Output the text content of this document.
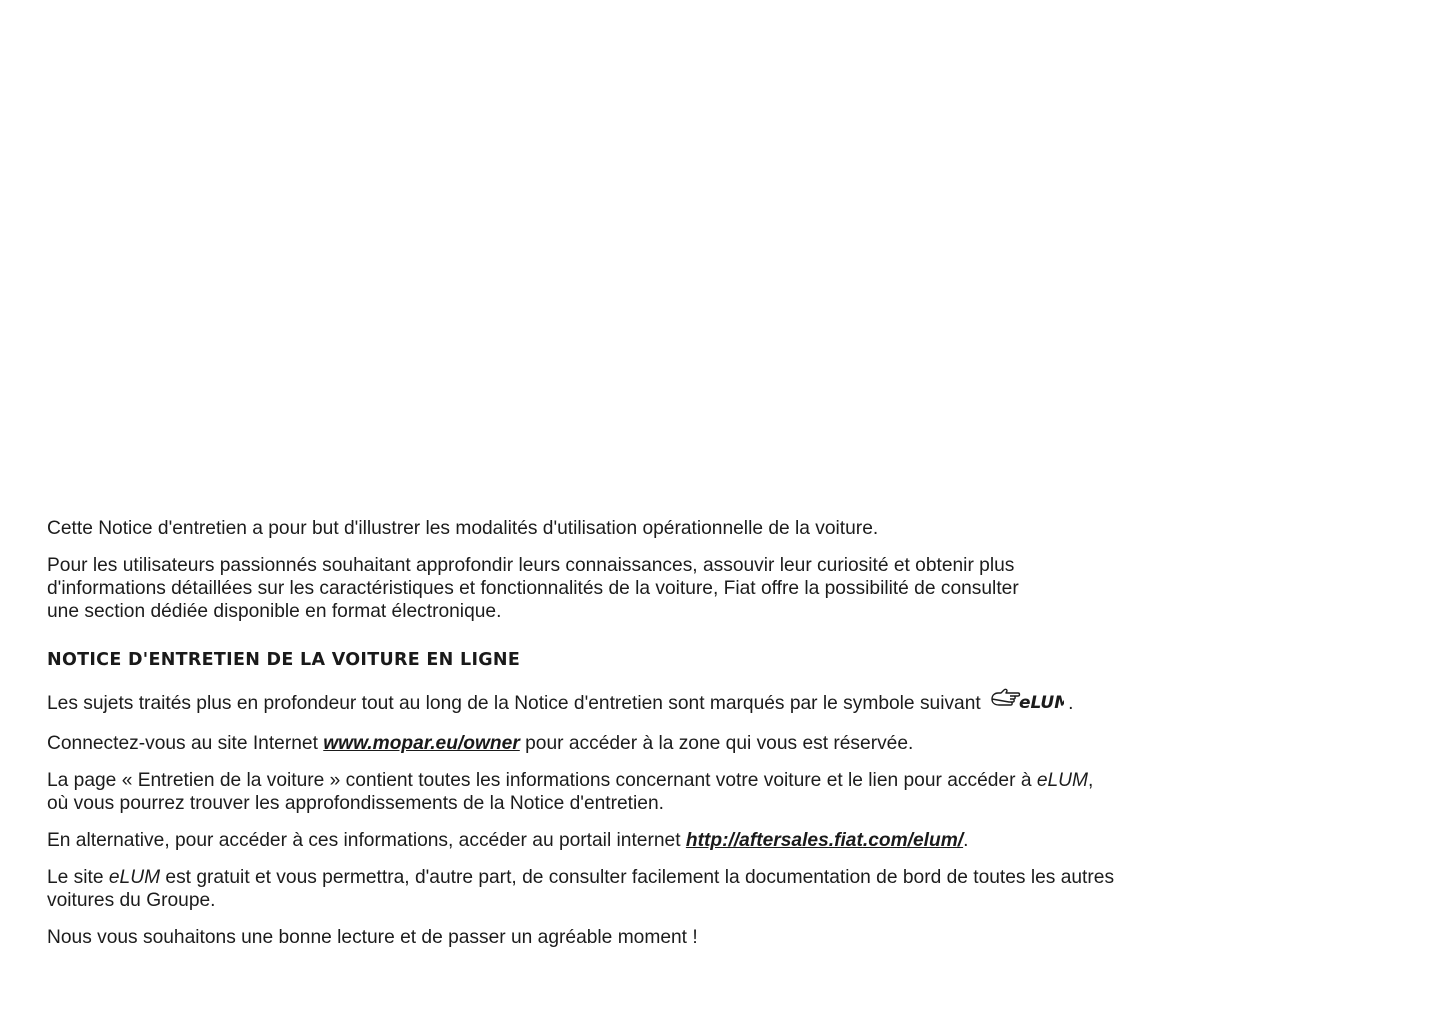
Cette Notice d'entretien a pour but d'illustrer les modalités d'utilisation opérationnelle de la voiture.

Pour les utilisateurs passionnés souhaitant approfondir leurs connaissances, assouvir leur curiosité et obtenir plus
d'informations détaillées sur les caractéristiques et fonctionnalités de la voiture, Fiat offre la possibilité de consulter
une section dédiée disponible en format électronique.

NOTICE D'ENTRETIEN DE LA VOITURE EN LIGNE

Les sujets traités plus en profondeur tout au long de la Notice d'entretien sont marqués par le symbole suivant eLU .

Connectez-vous au site Internet www.mopar.eu/owner pour accéder à la zone qui vous est réservée.

La page « Entretien de la voiture » contient toutes les informations concernant votre voiture et le lien pour accéder à eLUM,
où vous pourrez trouver les approfondissements de la Notice d'entretien.

En alternative, pour accéder à ces informations, accéder au portail internet http://aftersales.fiat.com/elum/.

Le site eLUM est gratuit et vous permettra, d'autre part, de consulter facilement la documentation de bord de toutes les autres
voitures du Groupe.

Nous vous souhaitons une bonne lecture et de passer un agréable moment !
